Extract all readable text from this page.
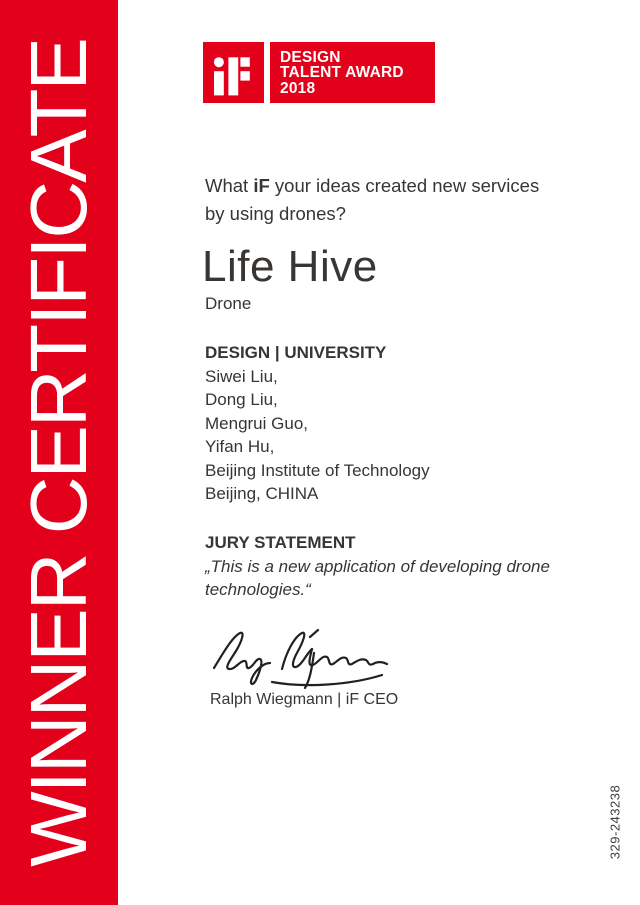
WINNER CERTIFICATE	DESIGN
TALENT AWARD
2018

What iF your ideas created new services
by using drones?

Life Hive
Drone
DESIGN | UNIVERSITY
Siwei Liu,
Dong Liu,
Mengrui Guo,
Yifan Hu,
Beijing Institute of Technology
Beijing, CHINA
JURY STATEMENT
„This is a new application of developing drone
technologies.“
Ralph Wiegmann | iF CEO
329-243238
